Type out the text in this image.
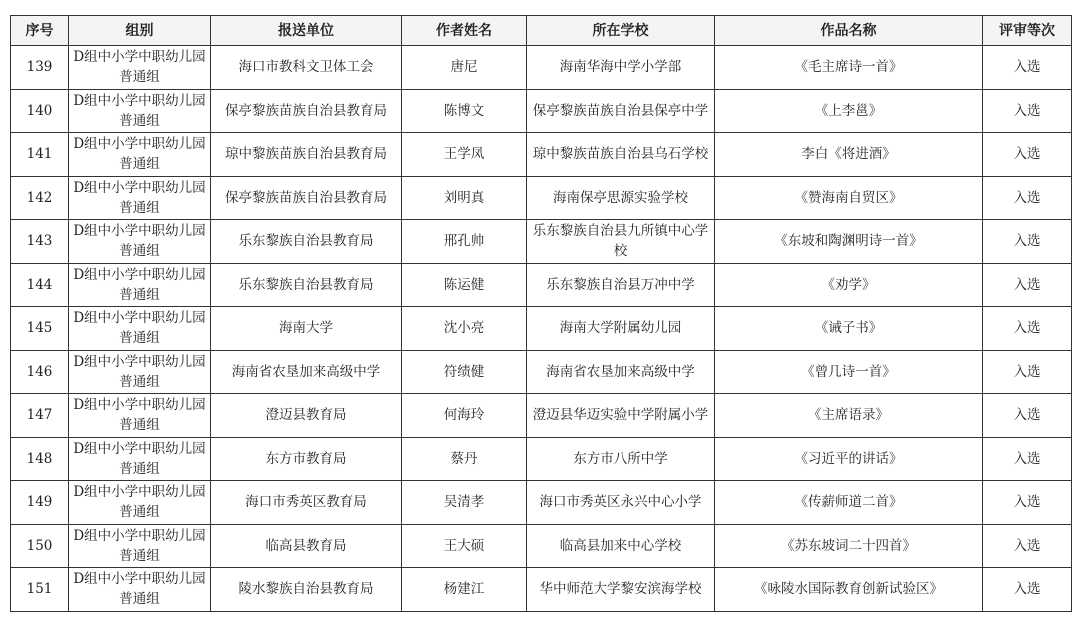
序号	组别	报送单位	作者姓名	所在学校	作品名称	评审等次
139	D组中小学中职幼儿园普通组	海口市教科文卫体工会	唐尼	海南华海中学小学部	《毛主席诗一首》	入选
140	D组中小学中职幼儿园普通组	保亭黎族苗族自治县教育局	陈博文	保亭黎族苗族自治县保亭中学	《上李邕》	入选
141	D组中小学中职幼儿园普通组	琼中黎族苗族自治县教育局	王学凤	琼中黎族苗族自治县乌石学校	李白《将进酒》	入选
142	D组中小学中职幼儿园普通组	保亭黎族苗族自治县教育局	刘明真	海南保亭思源实验学校	《赞海南自贸区》	入选
143	D组中小学中职幼儿园普通组	乐东黎族自治县教育局	邢孔帅	乐东黎族自治县九所镇中心学校	《东坡和陶渊明诗一首》	入选
144	D组中小学中职幼儿园普通组	乐东黎族自治县教育局	陈运健	乐东黎族自治县万冲中学	《劝学》	入选
145	D组中小学中职幼儿园普通组	海南大学	沈小亮	海南大学附属幼儿园	《诫子书》	入选
146	D组中小学中职幼儿园普通组	海南省农垦加来高级中学	符绩健	海南省农垦加来高级中学	《曾几诗一首》	入选
147	D组中小学中职幼儿园普通组	澄迈县教育局	何海玲	澄迈县华迈实验中学附属小学	《主席语录》	入选
148	D组中小学中职幼儿园普通组	东方市教育局	蔡丹	东方市八所中学	《习近平的讲话》	入选
149	D组中小学中职幼儿园普通组	海口市秀英区教育局	吴清孝	海口市秀英区永兴中心小学	《传薪师道二首》	入选
150	D组中小学中职幼儿园普通组	临高县教育局	王大硕	临高县加来中心学校	《苏东坡词二十四首》	入选
151	D组中小学中职幼儿园普通组	陵水黎族自治县教育局	杨建江	华中师范大学黎安滨海学校	《咏陵水国际教育创新试验区》	入选
